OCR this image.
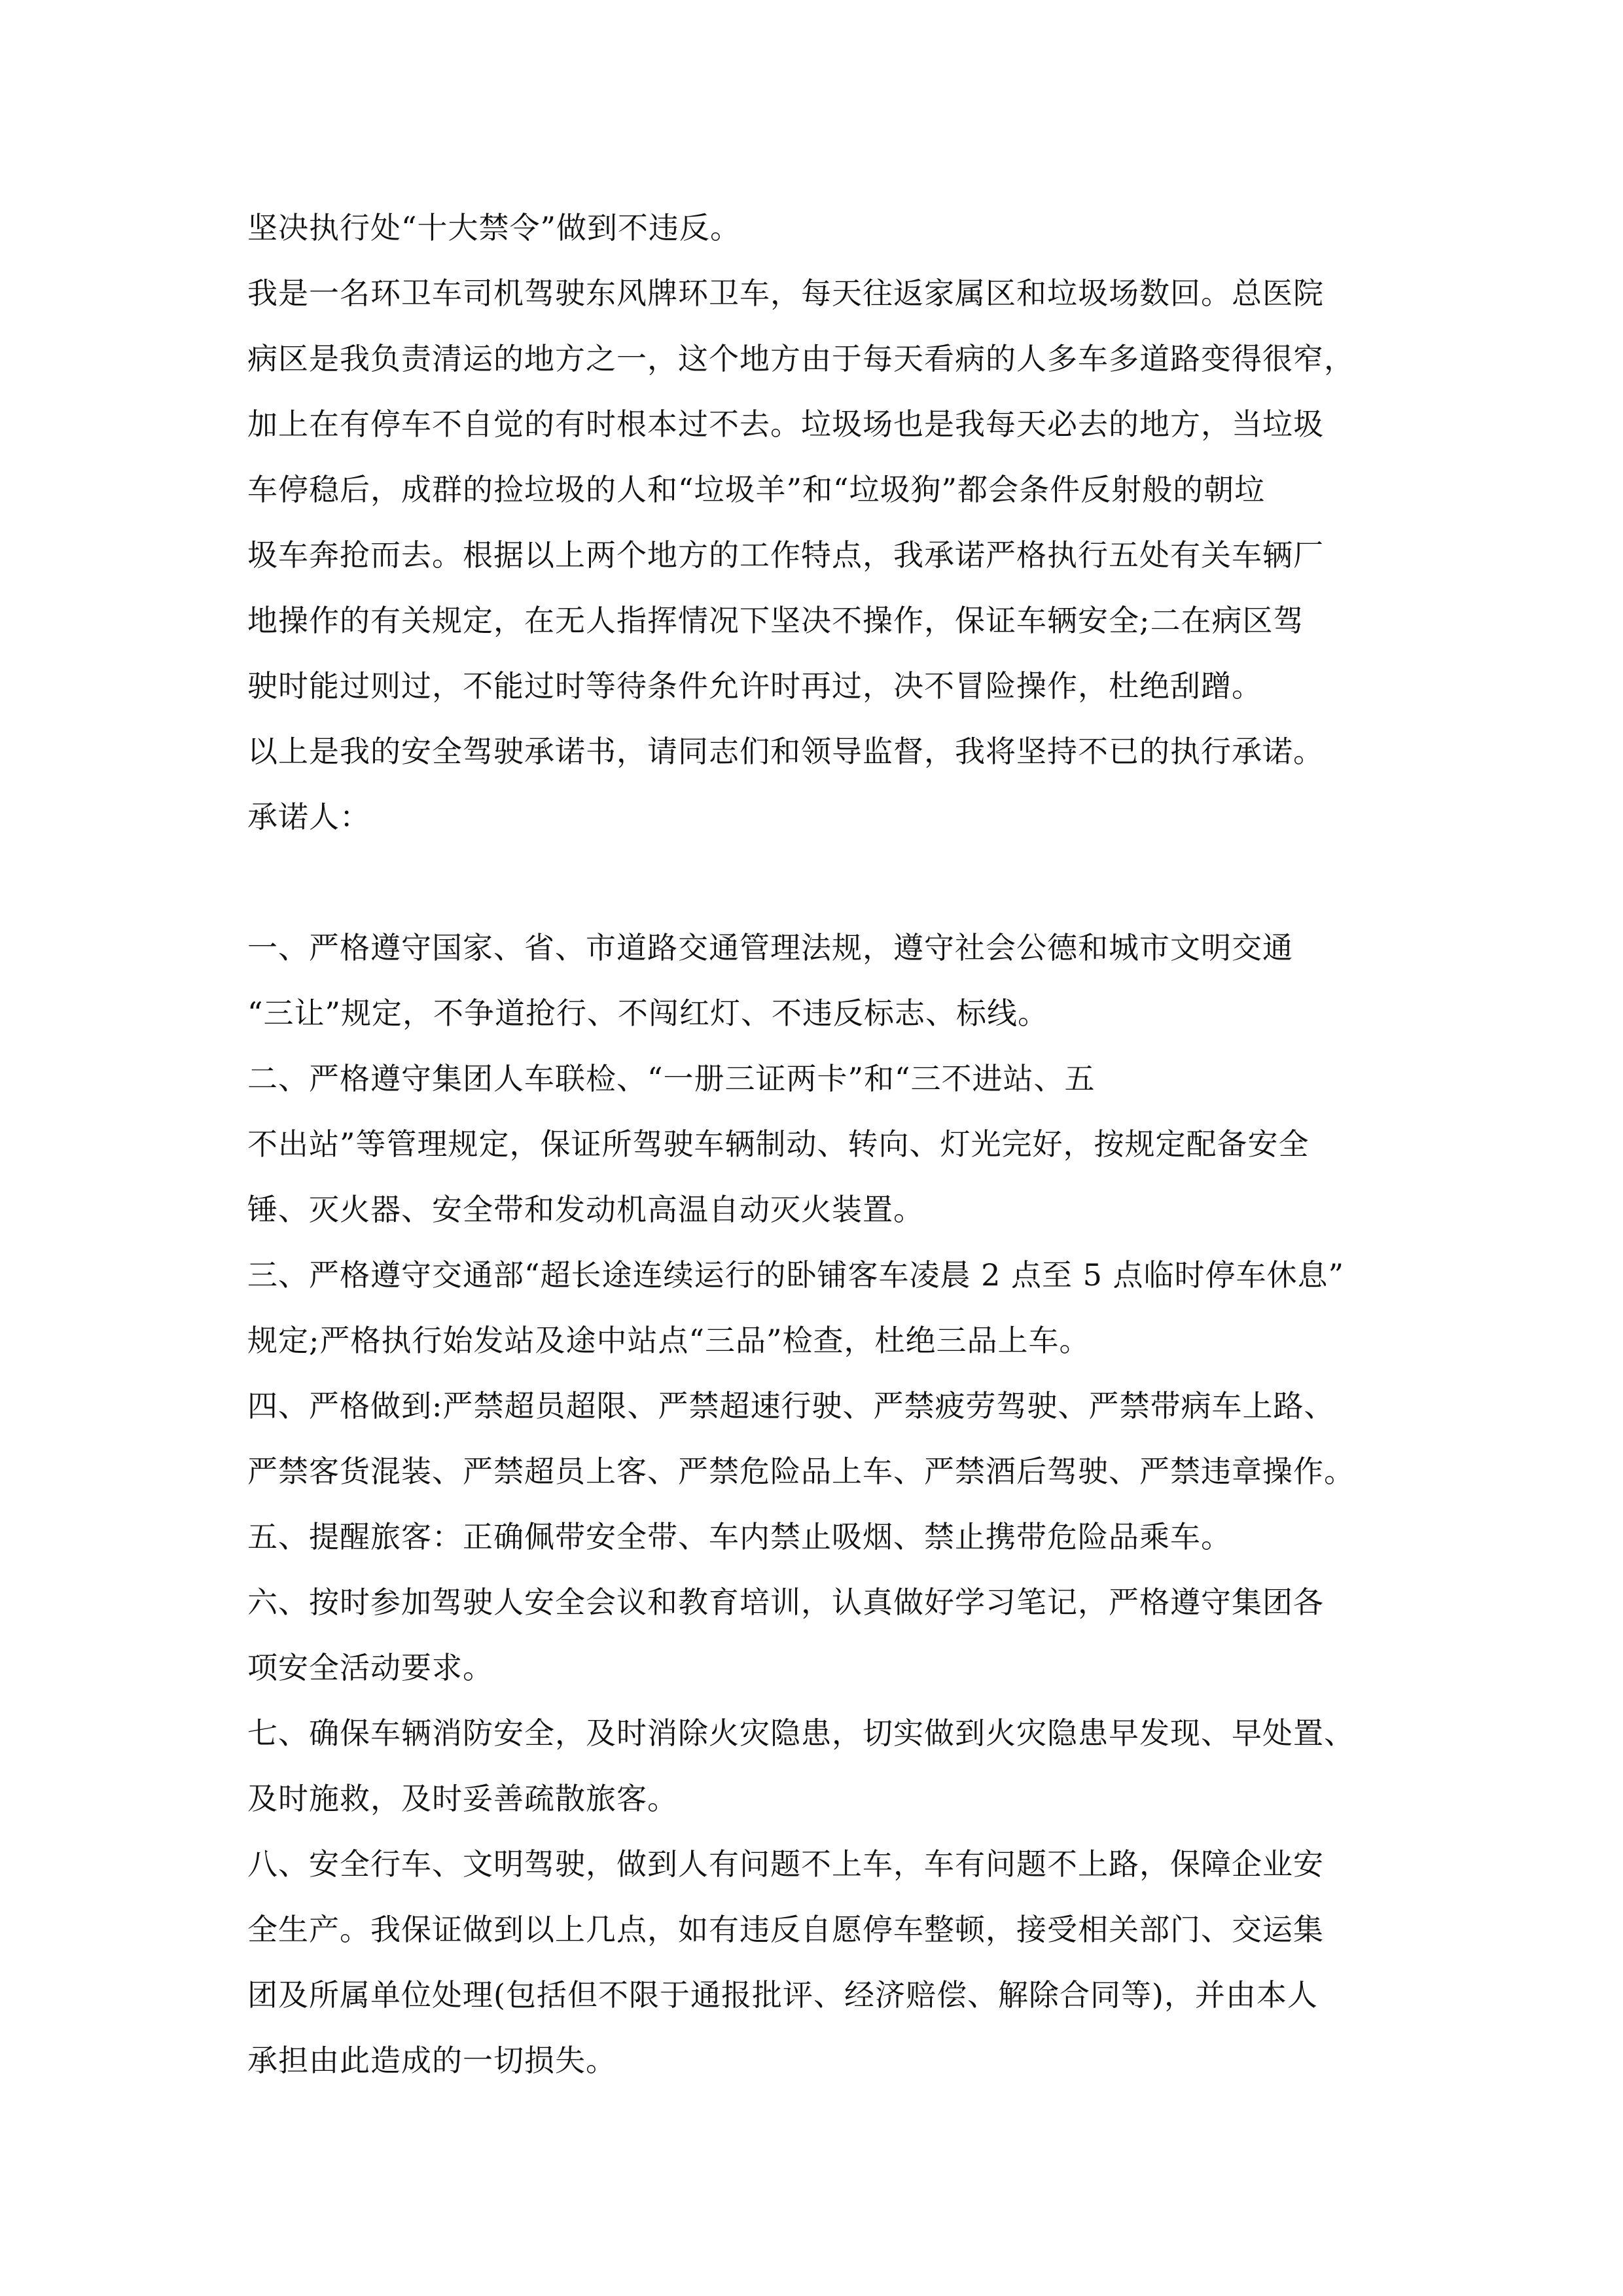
坚决执行处“十大禁令”做到不违反。
我是一名环卫车司机驾驶东风牌环卫车，每天往返家属区和垃圾场数回。总医院
病区是我负责清运的地方之一，这个地方由于每天看病的人多车多道路变得很窄，
加上在有停车不自觉的有时根本过不去。垃圾场也是我每天必去的地方，当垃圾
车停稳后，成群的捡垃圾的人和“垃圾羊”和“垃圾狗”都会条件反射般的朝垃
圾车奔抢而去。根据以上两个地方的工作特点，我承诺严格执行五处有关车辆厂
地操作的有关规定，在无人指挥情况下坚决不操作，保证车辆安全;二在病区驾
驶时能过则过，不能过时等待条件允许时再过，决不冒险操作，杜绝刮蹭。
以上是我的安全驾驶承诺书，请同志们和领导监督，我将坚持不已的执行承诺。
承诺人：
一、严格遵守国家、省、市道路交通管理法规，遵守社会公德和城市文明交通
“三让”规定，不争道抢行、不闯红灯、不违反标志、标线。
二、严格遵守集团人车联检、“一册三证两卡”和“三不进站、五
不出站”等管理规定，保证所驾驶车辆制动、转向、灯光完好，按规定配备安全
锤、灭火器、安全带和发动机高温自动灭火装置。
三、严格遵守交通部“超长途连续运行的卧铺客车凌晨 2 点至 5 点临时停车休息”
规定;严格执行始发站及途中站点“三品”检查，杜绝三品上车。
四、严格做到:严禁超员超限、严禁超速行驶、严禁疲劳驾驶、严禁带病车上路、
严禁客货混装、严禁超员上客、严禁危险品上车、严禁酒后驾驶、严禁违章操作。
五、提醒旅客：正确佩带安全带、车内禁止吸烟、禁止携带危险品乘车。
六、按时参加驾驶人安全会议和教育培训，认真做好学习笔记，严格遵守集团各
项安全活动要求。
七、确保车辆消防安全，及时消除火灾隐患，切实做到火灾隐患早发现、早处置、
及时施救，及时妥善疏散旅客。
八、安全行车、文明驾驶，做到人有问题不上车，车有问题不上路，保障企业安
全生产。我保证做到以上几点，如有违反自愿停车整顿，接受相关部门、交运集
团及所属单位处理(包括但不限于通报批评、经济赔偿、解除合同等)，并由本人
承担由此造成的一切损失。
